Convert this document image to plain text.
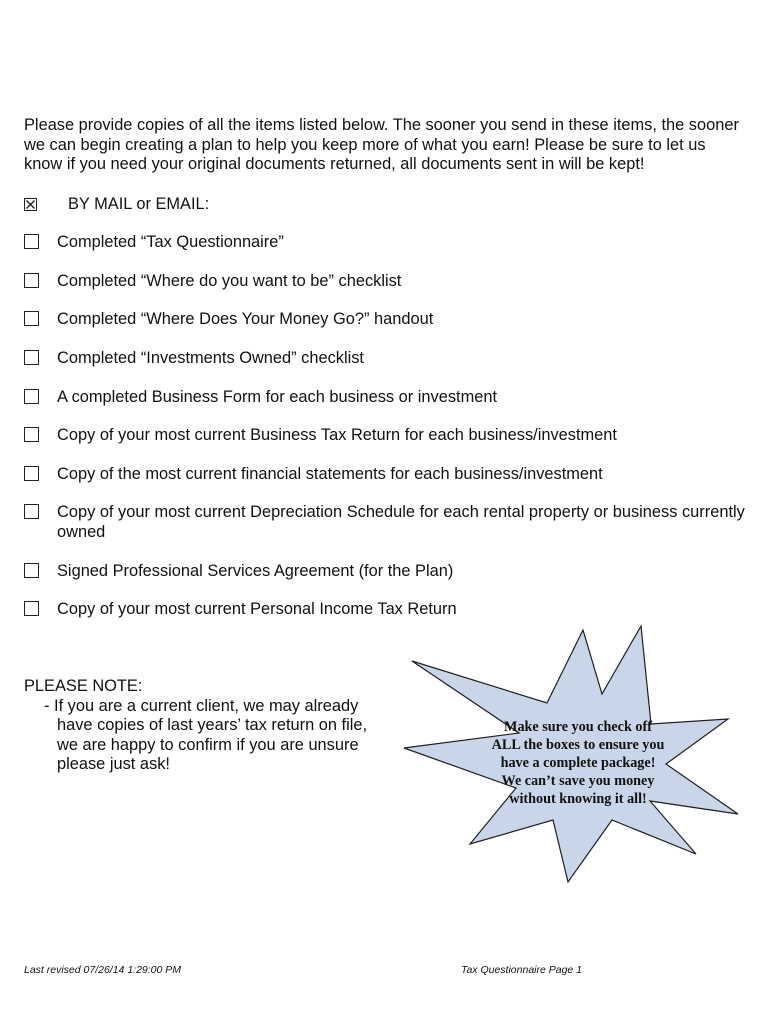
Please provide copies of all the items listed below. The sooner you send in these items, the sooner

we can begin creating a plan to help you keep more of what you earn! Please be sure to let us

know if you need your original documents returned, all documents sent in will be kept!

BY MAIL or EMAIL:
Completed “Tax Questionnaire”
Completed “Where do you want to be” checklist
Completed “Where Does Your Money Go?” handout
Completed “Investments Owned” checklist
A completed Business Form for each business or investment
Copy of your most current Business Tax Return for each business/investment
Copy of the most current financial statements for each business/investment
Copy of your most current Depreciation Schedule for each rental property or business currently owned
Signed Professional Services Agreement (for the Plan)
Copy of your most current Personal Income Tax Return

PLEASE NOTE:

- If you are a current client, we may already have copies of last years’ tax return on file, we are happy to confirm if you are unsure please just ask!

Make sure you check off
ALL the boxes to ensure you
have a complete package!
We can’t save you money
without knowing it all!
Last revised 07/26/14 1:29:00 PM	Tax Questionnaire Page 1
